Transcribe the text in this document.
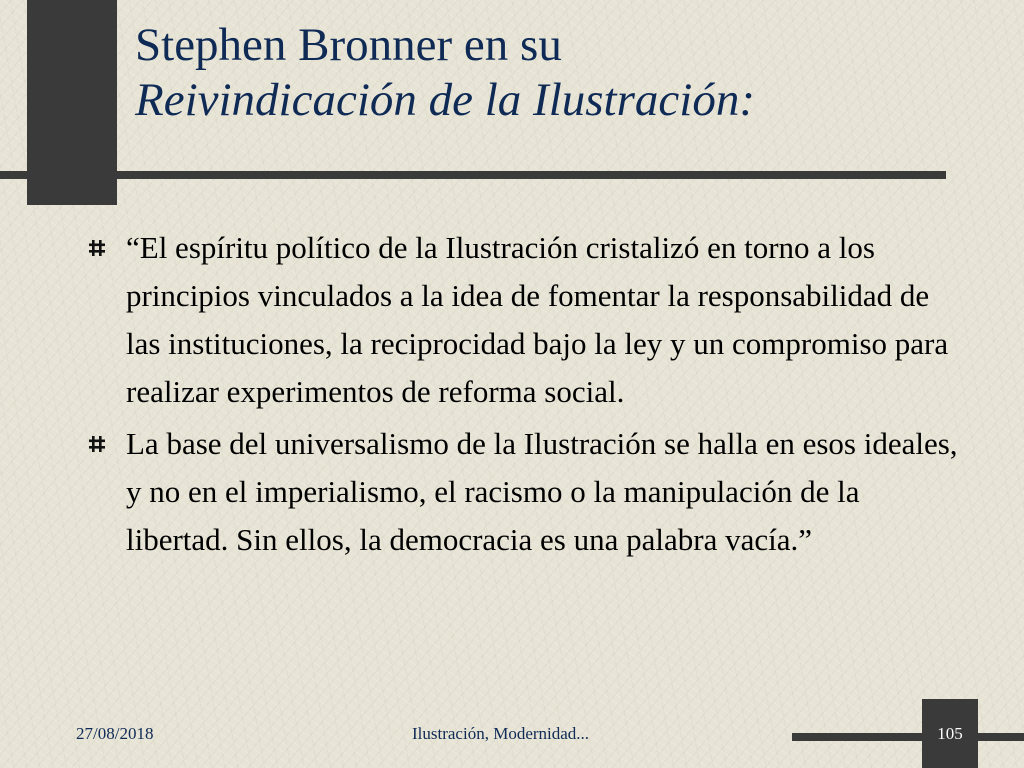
Stephen Bronner en su
Reivindicación de la Ilustración:
“El espíritu político de la Ilustración cristalizó en torno a los principios vinculados a la idea de fomentar la responsabilidad de las instituciones, la reciprocidad bajo la ley y un compromiso para realizar experimentos de reforma social.
La base del universalismo de la Ilustración se halla en esos ideales, y no en el imperialismo, el racismo o la manipulación de la libertad. Sin ellos, la democracia es una palabra vacía.”
27/08/2018	Ilustración, Modernidad...	105
